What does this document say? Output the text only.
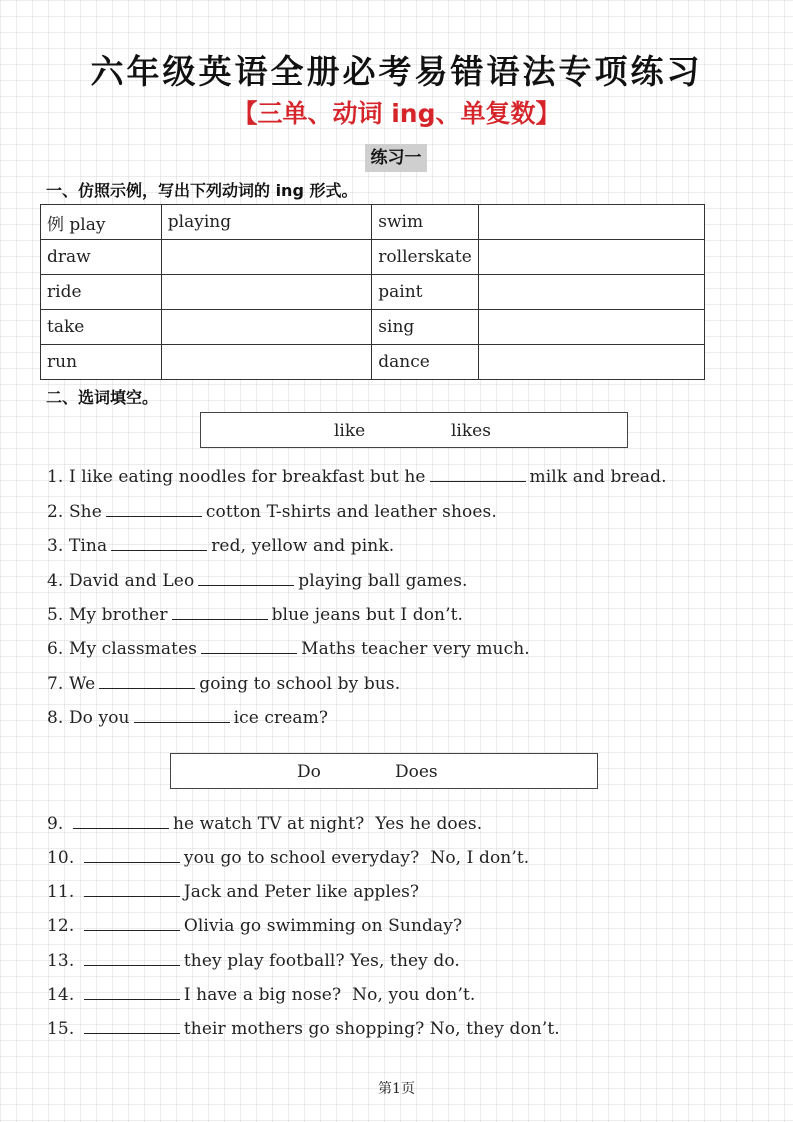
六年级英语全册必考易错语法专项练习
【三单、动词 ing、单复数】
练习一
一、仿照示例，写出下列动词的 ing 形式。
例 play	playing	swim	
draw		rollerskate	
ride		paint	
take		sing	
run		dance	
二、选词填空。
like	likes
Do	Does
1. I like eating noodles for breakfast but he	milk and bread.
2. She	cotton T-shirts and leather shoes.
3. Tina	red, yellow and pink.
4. David and Leo	playing ball games.
5. My brother	blue jeans but I don’t.
6. My classmates	Maths teacher very much.
7. We	going to school by bus.
8. Do you	ice cream?
9.	he watch TV at night?  Yes he does.
10.	you go to school everyday?  No, I don’t.
11.	Jack and Peter like apples?
12.	Olivia go swimming on Sunday?
13.	they play football? Yes, they do.
14.	I have a big nose?  No, you don’t.
15.	their mothers go shopping? No, they don’t.
第1页
